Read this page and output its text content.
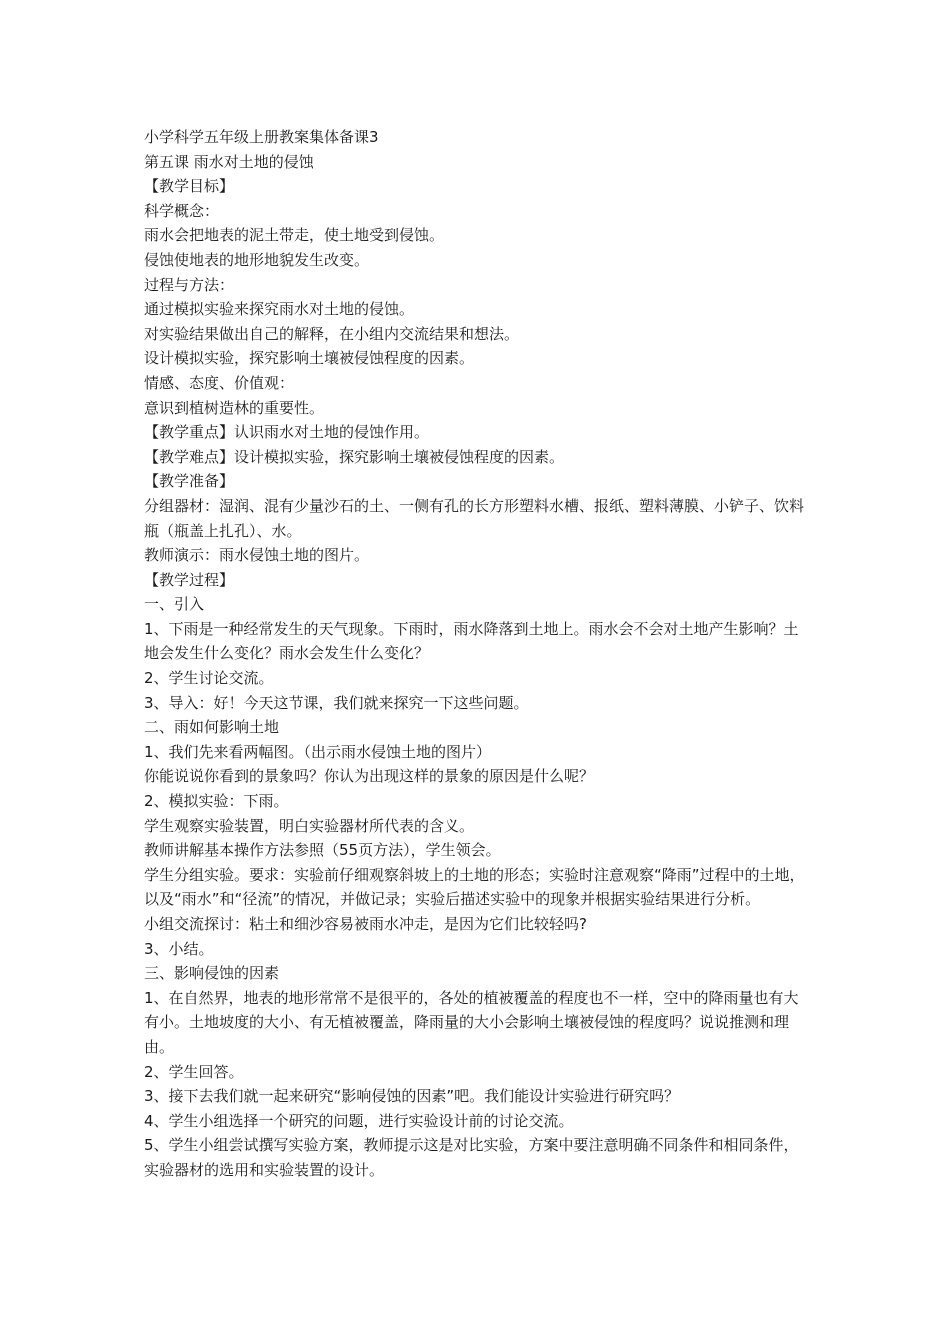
小学科学五年级上册教案集体备课3

第五课 雨水对土地的侵蚀

【教学目标】

科学概念：

雨水会把地表的泥土带走，使土地受到侵蚀。

侵蚀使地表的地形地貌发生改变。

过程与方法：

通过模拟实验来探究雨水对土地的侵蚀。

对实验结果做出自己的解释，在小组内交流结果和想法。

设计模拟实验，探究影响土壤被侵蚀程度的因素。

情感、态度、价值观：

意识到植树造林的重要性。

【教学重点】认识雨水对土地的侵蚀作用。

【教学难点】设计模拟实验，探究影响土壤被侵蚀程度的因素。

【教学准备】

分组器材：湿润、混有少量沙石的土、一侧有孔的长方形塑料水槽、报纸、塑料薄膜、小铲子、饮料瓶（瓶盖上扎孔）、水。

教师演示：雨水侵蚀土地的图片。

【教学过程】

一、引入

1、下雨是一种经常发生的天气现象。下雨时，雨水降落到土地上。雨水会不会对土地产生影响？土地会发生什么变化？雨水会发生什么变化？

2、学生讨论交流。

3、导入：好！今天这节课，我们就来探究一下这些问题。

二、雨如何影响土地

1、我们先来看两幅图。（出示雨水侵蚀土地的图片）

你能说说你看到的景象吗？你认为出现这样的景象的原因是什么呢？

2、模拟实验：下雨。

学生观察实验装置，明白实验器材所代表的含义。

教师讲解基本操作方法参照（55页方法），学生领会。

学生分组实验。要求：实验前仔细观察斜坡上的土地的形态；实验时注意观察“降雨”过程中的土地，以及“雨水”和“径流”的情况，并做记录；实验后描述实验中的现象并根据实验结果进行分析。

小组交流探讨：粘土和细沙容易被雨水冲走，是因为它们比较轻吗?

3、小结。

三、影响侵蚀的因素

1、在自然界，地表的地形常常不是很平的，各处的植被覆盖的程度也不一样，空中的降雨量也有大有小。土地坡度的大小、有无植被覆盖，降雨量的大小会影响土壤被侵蚀的程度吗？说说推测和理由。

2、学生回答。

3、接下去我们就一起来研究“影响侵蚀的因素”吧。我们能设计实验进行研究吗？

4、学生小组选择一个研究的问题，进行实验设计前的讨论交流。

5、学生小组尝试撰写实验方案，教师提示这是对比实验，方案中要注意明确不同条件和相同条件，实验器材的选用和实验装置的设计。
